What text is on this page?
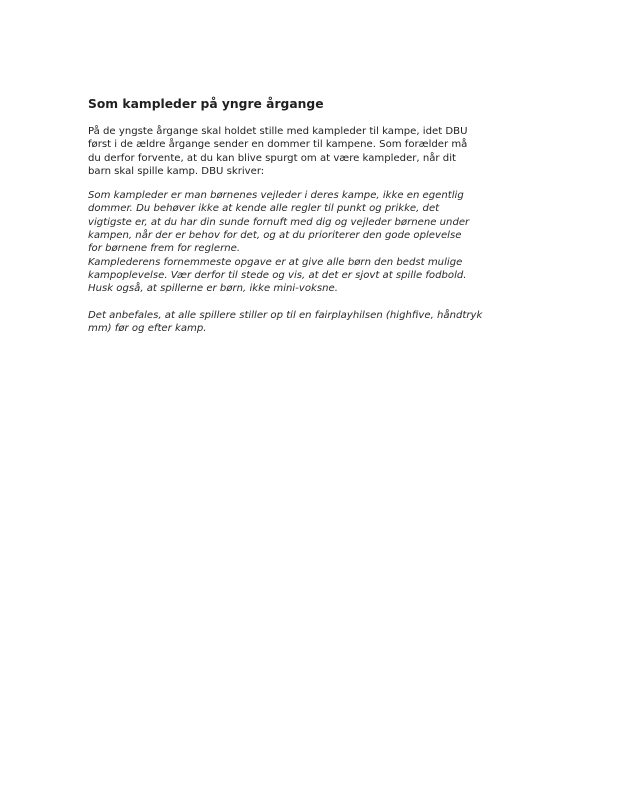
Som kampleder på yngre årgange

På de yngste årgange skal holdet stille med kampleder til kampe, idet DBU
først i de ældre årgange sender en dommer til kampene. Som forælder må
du derfor forvente, at du kan blive spurgt om at være kampleder, når dit
barn skal spille kamp. DBU skriver:

Som kampleder er man børnenes vejleder i deres kampe, ikke en egentlig
dommer. Du behøver ikke at kende alle regler til punkt og prikke, det
vigtigste er, at du har din sunde fornuft med dig og vejleder børnene under
kampen, når der er behov for det, og at du prioriterer den gode oplevelse
for børnene frem for reglerne.
Kamplederens fornemmeste opgave er at give alle børn den bedst mulige
kampoplevelse. Vær derfor til stede og vis, at det er sjovt at spille fodbold.
Husk også, at spillerne er børn, ikke mini-voksne.

Det anbefales, at alle spillere stiller op til en fairplayhilsen (highfive, håndtryk
mm) før og efter kamp.
